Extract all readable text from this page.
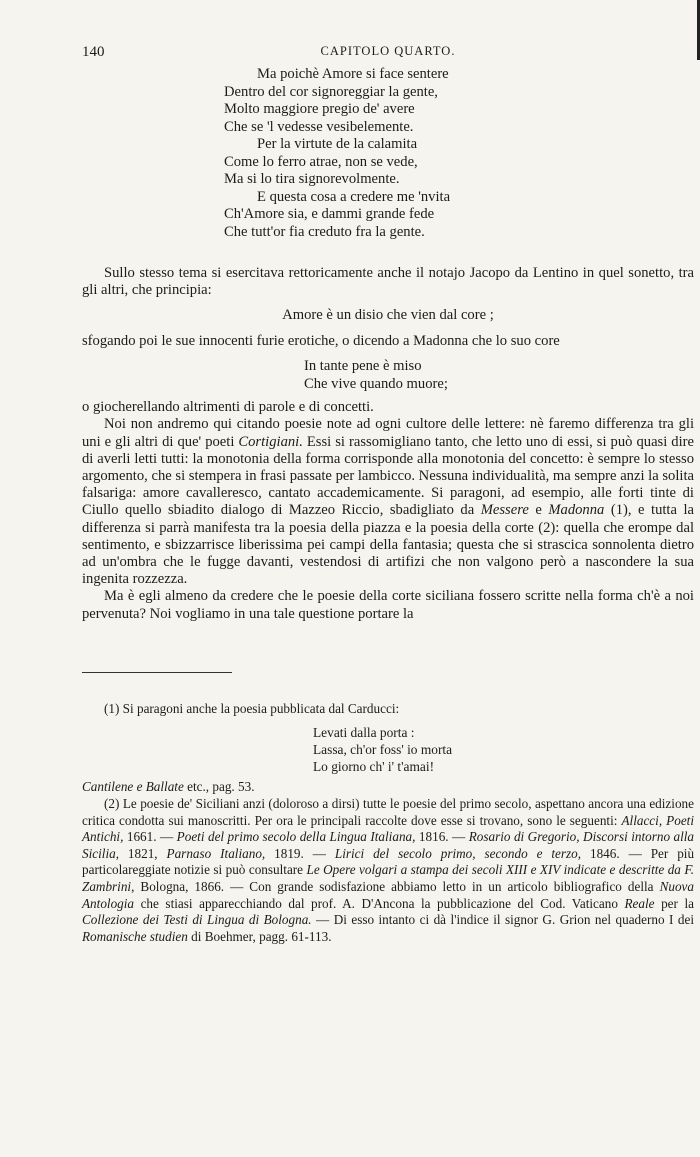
140	CAPITOLO QUARTO.
Ma poichè Amore si face sentere
Dentro del cor signoreggiar la gente,
Molto maggiore pregio de' avere
Che se 'l vedesse vesibelemente.
Per la virtute de la calamita
Come lo ferro atrae, non se vede,
Ma si lo tira signorevolmente.
E questa cosa a credere me 'nvita
Ch'Amore sia, e dammi grande fede
Che tutt'or fia creduto fra la gente.

Sullo stesso tema si esercitava rettoricamente anche il notajo Jacopo da Lentino in quel sonetto, tra gli altri, che principia:

Amore è un disio che vien dal core ;

sfogando poi le sue innocenti furie erotiche, o dicendo a Madonna che lo suo core

In tante pene è miso
Che vive quando muore;

o giocherellando altrimenti di parole e di concetti.

Noi non andremo qui citando poesie note ad ogni cultore delle lettere: nè faremo differenza tra gli uni e gli altri di que' poeti Cortigiani. Essi si rassomigliano tanto, che letto uno di essi, si può quasi dire di averli letti tutti: la monotonia della forma corrisponde alla monotonia del concetto: è sempre lo stesso argomento, che si stempera in frasi passate per lambicco. Nessuna individualità, ma sempre anzi la solita falsariga: amore cavalleresco, cantato accademicamente. Si paragoni, ad esempio, alle forti tinte di Ciullo quello sbiadito dialogo di Mazzeo Riccio, sbadigliato da Messere e Madonna (1), e tutta la differenza si parrà manifesta tra la poesia della piazza e la poesia della corte (2): quella che erompe dal sentimento, e sbizzarrisce liberissima pei campi della fantasia; questa che si strascica sonnolenta dietro ad un'ombra che le fugge davanti, vestendosi di artifizi che non valgono però a nascondere la sua ingenita rozzezza.

Ma è egli almeno da credere che le poesie della corte siciliana fossero scritte nella forma ch'è a noi pervenuta? Noi vogliamo in una tale questione portare la

(1) Si paragoni anche la poesia pubblicata dal Carducci:

Levati dalla porta :
Lassa, ch'or foss' io morta
Lo giorno ch' i' t'amai!

Cantilene e Ballate etc., pag. 53.

(2) Le poesie de' Siciliani anzi (doloroso a dirsi) tutte le poesie del primo secolo, aspettano ancora una edizione critica condotta sui manoscritti. Per ora le principali raccolte dove esse si trovano, sono le seguenti: Allacci, Poeti Antichi, 1661. — Poeti del primo secolo della Lingua Italiana, 1816. — Rosario di Gregorio, Discorsi intorno alla Sicilia, 1821, Parnaso Italiano, 1819. — Lirici del secolo primo, secondo e terzo, 1846. — Per più particolareggiate notizie si può consultare Le Opere volgari a stampa dei secoli XIII e XIV indicate e descritte da F. Zambrini, Bologna, 1866. — Con grande sodisfazione abbiamo letto in un articolo bibliografico della Nuova Antologia che stiasi apparecchiando dal prof. A. D'Ancona la pubblicazione del Cod. Vaticano Reale per la Collezione dei Testi di Lingua di Bologna. — Di esso intanto ci dà l'indice il signor G. Grion nel quaderno I dei Romanische studien di Boehmer, pagg. 61-113.
